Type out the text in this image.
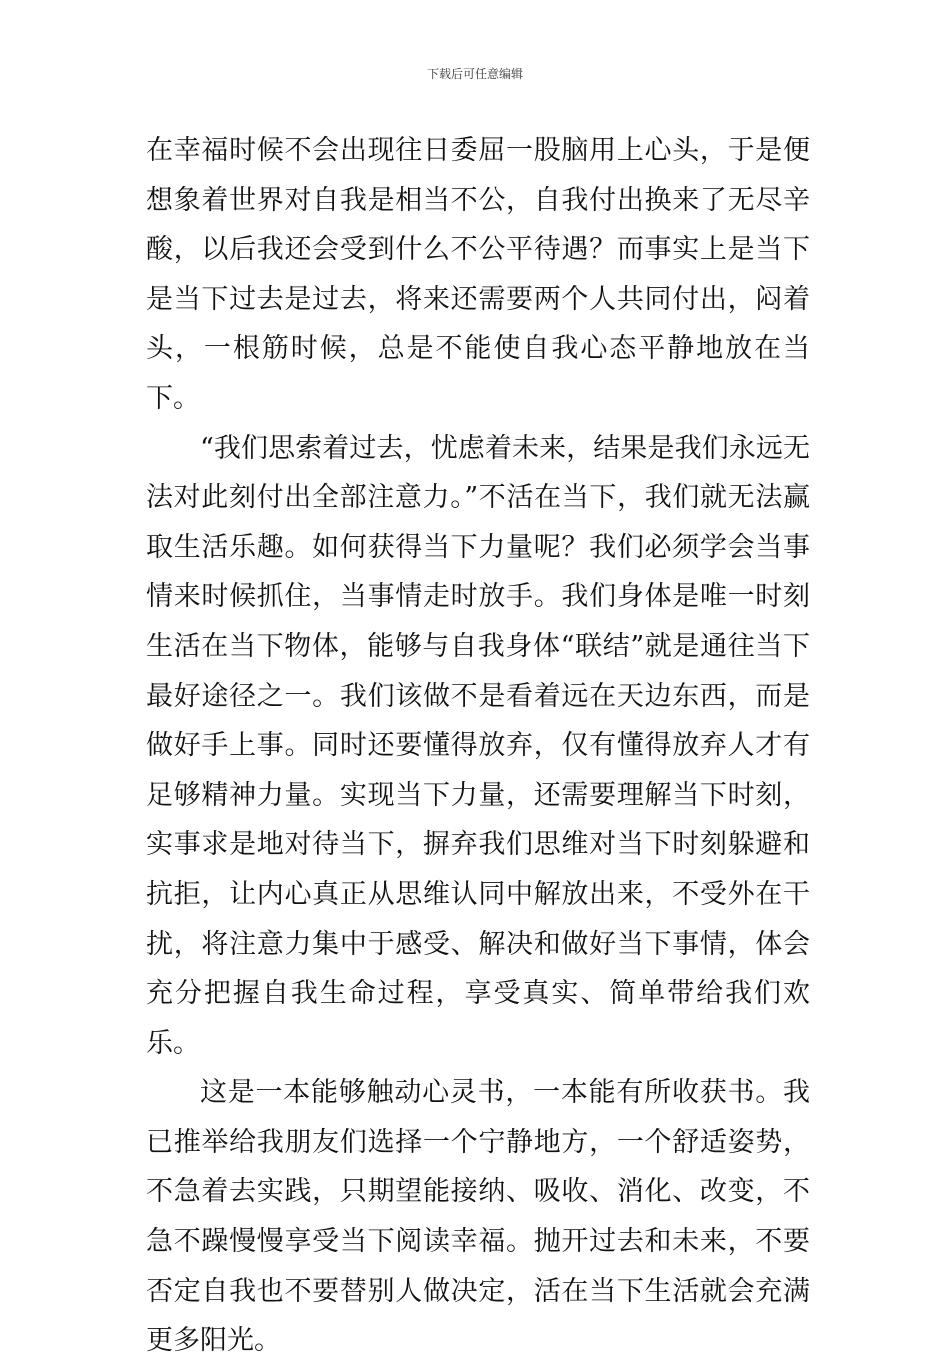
下载后可任意编辑

在幸福时候不会出现往日委屈一股脑用上心头，于是便想象着世界对自我是相当不公，自我付出换来了无尽辛酸，以后我还会受到什么不公平待遇？而事实上是当下是当下过去是过去，将来还需要两个人共同付出，闷着头，一根筋时候，总是不能使自我心态平静地放在当下。

“我们思索着过去，忧虑着未来，结果是我们永远无法对此刻付出全部注意力。”不活在当下，我们就无法赢取生活乐趣。如何获得当下力量呢？我们必须学会当事情来时候抓住，当事情走时放手。我们身体是唯一时刻生活在当下物体，能够与自我身体“联结”就是通往当下最好途径之一。我们该做不是看着远在天边东西，而是做好手上事。同时还要懂得放弃，仅有懂得放弃人才有足够精神力量。实现当下力量，还需要理解当下时刻，实事求是地对待当下，摒弃我们思维对当下时刻躲避和抗拒，让内心真正从思维认同中解放出来，不受外在干扰，将注意力集中于感受、解决和做好当下事情，体会充分把握自我生命过程，享受真实、简单带给我们欢乐。

这是一本能够触动心灵书，一本能有所收获书。我已推举给我朋友们选择一个宁静地方，一个舒适姿势，不急着去实践，只期望能接纳、吸收、消化、改变，不急不躁慢慢享受当下阅读幸福。抛开过去和未来，不要否定自我也不要替别人做决定，活在当下生活就会充满更多阳光。
